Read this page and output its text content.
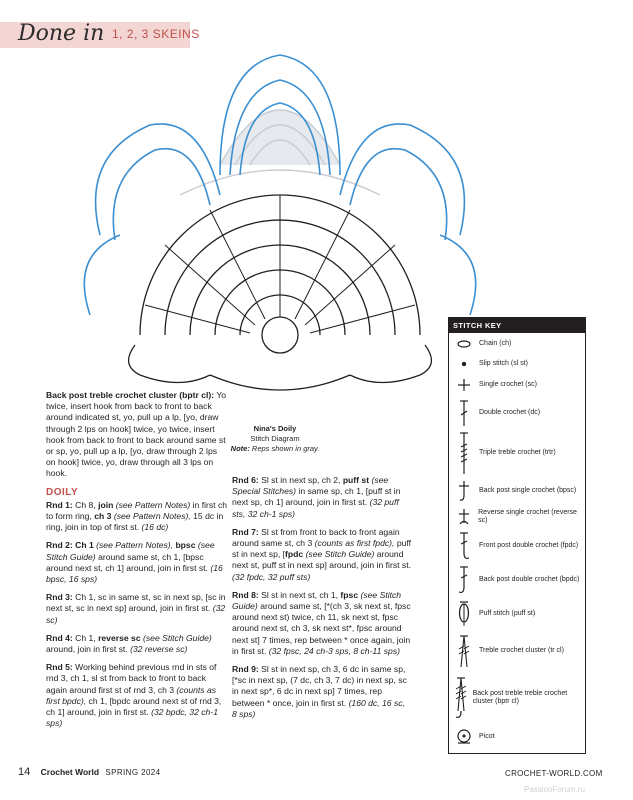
Done in 1, 2, 3 SKEINS
Nina's Doily
Stitch Diagram
Note: Reps shown in gray.
Back post treble crochet cluster (bptr cl): Yo twice, insert hook from back to front to back around indicated st, yo, pull up a lp, [yo, draw through 2 lps on hook] twice, yo twice, insert hook from back to front to back around same st or sp, yo, pull up a lp, [yo, draw through 2 lps on hook] twice, yo, draw through all 3 lps on hook.
DOILY
Rnd 1: Ch 8, join (see Pattern Notes) in first ch to form ring, ch 3 (see Pattern Notes), 15 dc in ring, join in top of first st. (16 dc)
Rnd 2: Ch 1 (see Pattern Notes), bpsc (see Stitch Guide) around same st, ch 1, [bpsc around next st, ch 1] around, join in first st. (16 bpsc, 16 sps)
Rnd 3: Ch 1, sc in same st, sc in next sp, [sc in next st, sc in next sp] around, join in first st. (32 sc)
Rnd 4: Ch 1, reverse sc (see Stitch Guide) around, join in first st. (32 reverse sc)
Rnd 5: Working behind previous rnd in sts of rnd 3, ch 1, sl st from back to front to back again around first st of rnd 3, ch 3 (counts as first bpdc), ch 1, [bpdc around next st of rnd 3, ch 1] around, join in first st. (32 bpdc, 32 ch-1 sps)
Rnd 6: Sl st in next sp, ch 2, puff st (see Special Stitches) in same sp, ch 1, [puff st in next sp, ch 1] around, join in first st. (32 puff sts, 32 ch-1 sps)
Rnd 7: Sl st from front to back to front again around same st, ch 3 (counts as first fpdc), puff st in next sp, [fpdc (see Stitch Guide) around next st, puff st in next sp] around, join in first st. (32 fpdc, 32 puff sts)
Rnd 8: Sl st in next st, ch 1, fpsc (see Stitch Guide) around same st, [*(ch 3, sk next st, fpsc around next st) twice, ch 11, sk next st, fpsc around next st, ch 3, sk next st*, fpsc around next st] 7 times, rep between * once again, join in first st. (32 fpsc, 24 ch-3 sps, 8 ch-11 sps)
Rnd 9: Sl st in next sp, ch 3, 6 dc in same sp, [*sc in next sp, (7 dc, ch 3, 7 dc) in next sp, sc in next sp*, 6 dc in next sp] 7 times, rep between * once, join in first st. (160 dc, 16 sc, 8 sps)
STITCH KEY
Chain (ch)
Slip stitch (sl st)
Single crochet (sc)
Double crochet (dc)
Triple treble crochet (trtr)
Back post single crochet (bpsc)
Reverse single crochet (reverse sc)
Front post double crochet (fpdc)
Back post double crochet (bpdc)
Puff stitch (puff st)
Treble crochet cluster (tr cl)
Back post treble treble crochet cluster (bptr cl)
Picot
14 Crochet World SPRING 2024	CROCHET-WORLD.COM
PassionForum.ru
